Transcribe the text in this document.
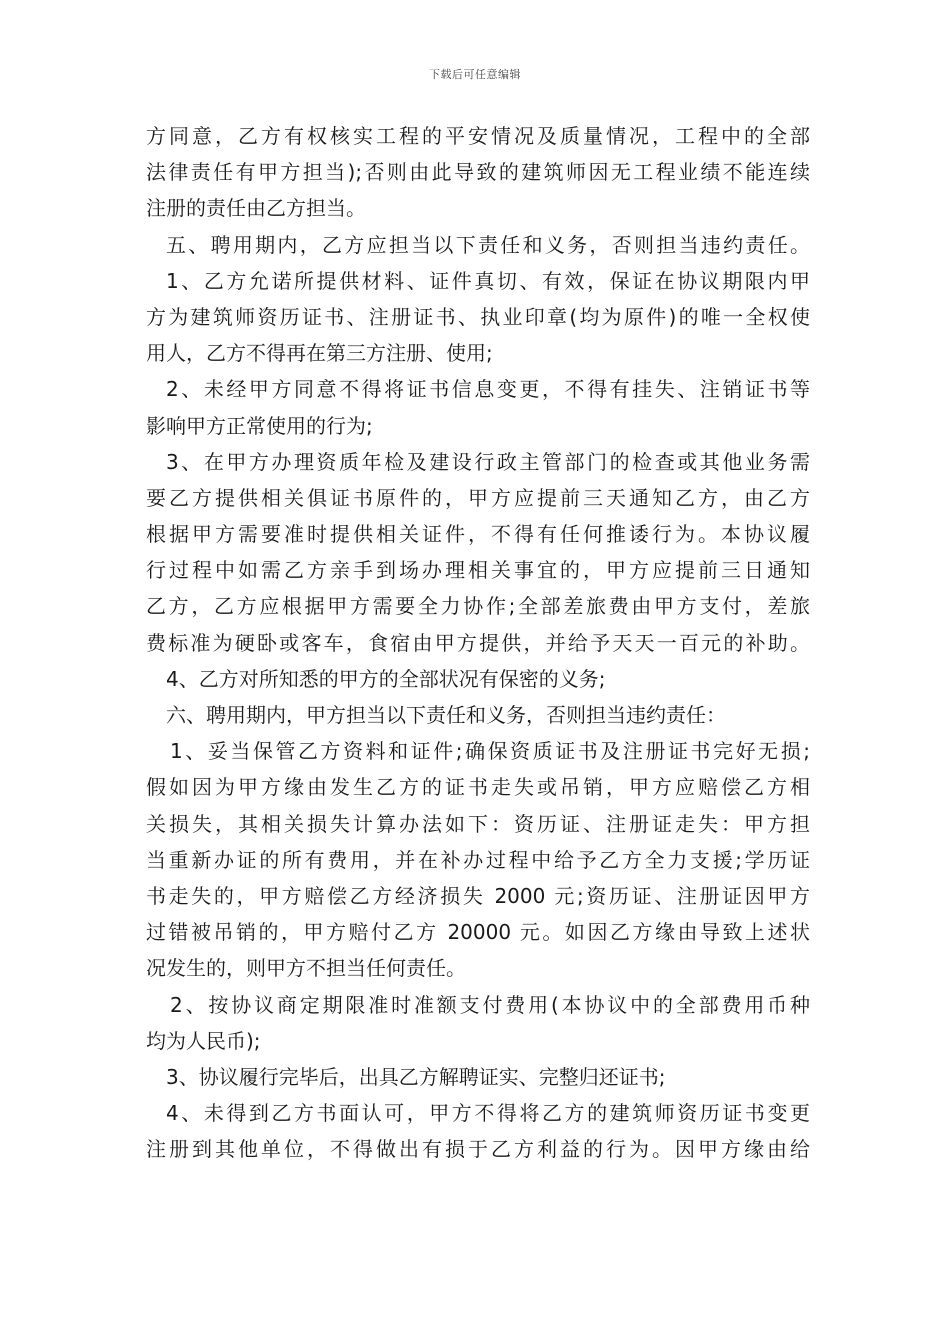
下载后可任意编辑
方同意，乙方有权核实工程的平安情况及质量情况，工程中的全部
法律责任有甲方担当);否则由此导致的建筑师因无工程业绩不能连续
注册的责任由乙方担当。
五、聘用期内，乙方应担当以下责任和义务，否则担当违约责任。
1、乙方允诺所提供材料、证件真切、有效，保证在协议期限内甲
方为建筑师资历证书、注册证书、执业印章(均为原件)的唯一全权使
用人，乙方不得再在第三方注册、使用;
2、未经甲方同意不得将证书信息变更，不得有挂失、注销证书等
影响甲方正常使用的行为;
3、在甲方办理资质年检及建设行政主管部门的检查或其他业务需
要乙方提供相关俱证书原件的，甲方应提前三天通知乙方，由乙方
根据甲方需要准时提供相关证件，不得有任何推诿行为。本协议履
行过程中如需乙方亲手到场办理相关事宜的，甲方应提前三日通知
乙方，乙方应根据甲方需要全力协作;全部差旅费由甲方支付，差旅
费标准为硬卧或客车，食宿由甲方提供，并给予天天一百元的补助。
4、乙方对所知悉的甲方的全部状况有保密的义务;
六、聘用期内，甲方担当以下责任和义务，否则担当违约责任：
1、妥当保管乙方资料和证件;确保资质证书及注册证书完好无损;
假如因为甲方缘由发生乙方的证书走失或吊销，甲方应赔偿乙方相
关损失，其相关损失计算办法如下：资历证、注册证走失：甲方担
当重新办证的所有费用，并在补办过程中给予乙方全力支援;学历证
书走失的，甲方赔偿乙方经济损失 2000 元;资历证、注册证因甲方
过错被吊销的，甲方赔付乙方 20000 元。如因乙方缘由导致上述状
况发生的，则甲方不担当任何责任。
2、按协议商定期限准时准额支付费用(本协议中的全部费用币种
均为人民币);
3、协议履行完毕后，出具乙方解聘证实、完整归还证书;
4、未得到乙方书面认可，甲方不得将乙方的建筑师资历证书变更
注册到其他单位，不得做出有损于乙方利益的行为。因甲方缘由给
